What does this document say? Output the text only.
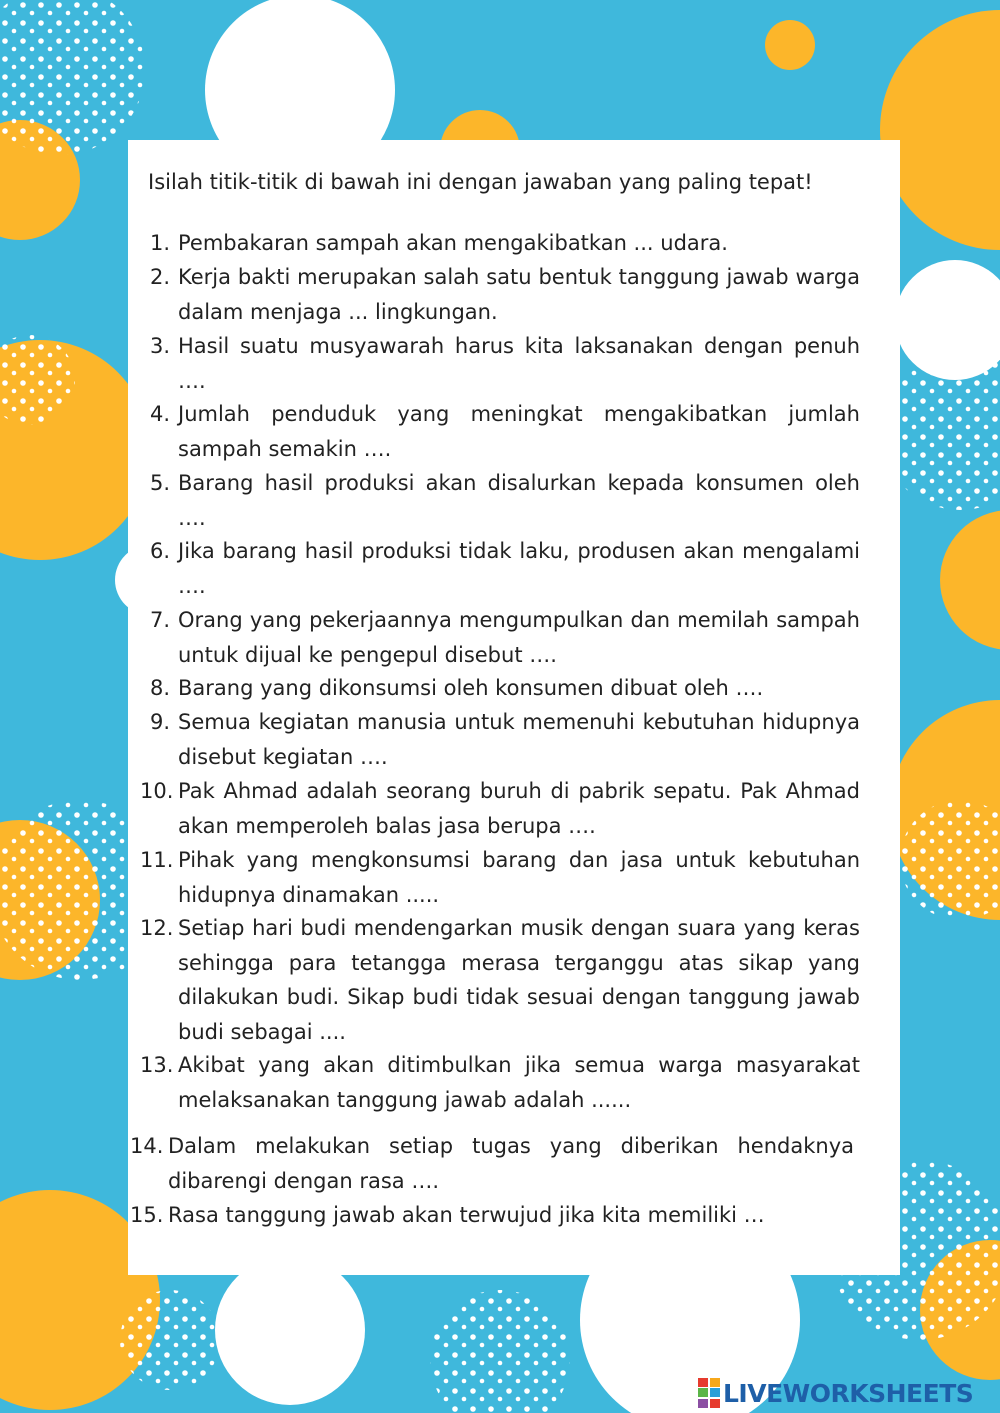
Isilah titik-titik di bawah ini dengan jawaban yang paling tepat!
1. Pembakaran sampah akan mengakibatkan ... udara.
2. Kerja bakti merupakan salah satu bentuk tanggung jawab warga dalam menjaga ... lingkungan.
3. Hasil suatu musyawarah harus kita laksanakan dengan penuh ….
4. Jumlah penduduk yang meningkat mengakibatkan jumlah sampah semakin ….
5. Barang hasil produksi akan disalurkan kepada konsumen oleh ….
6. Jika barang hasil produksi tidak laku, produsen akan mengalami ….
7. Orang yang pekerjaannya mengumpulkan dan memilah sampah untuk dijual ke pengepul disebut ….
8. Barang yang dikonsumsi oleh konsumen dibuat oleh ….
9. Semua kegiatan manusia untuk memenuhi kebutuhan hidupnya disebut kegiatan ….
10. Pak Ahmad adalah seorang buruh di pabrik sepatu. Pak Ahmad akan memperoleh balas jasa berupa ….
11. Pihak yang mengkonsumsi barang dan jasa untuk kebutuhan hidupnya dinamakan .....
12. Setiap hari budi mendengarkan musik dengan suara yang keras sehingga para tetangga merasa terganggu atas sikap yang dilakukan budi. Sikap budi tidak sesuai dengan tanggung jawab budi sebagai ....
13. Akibat yang akan ditimbulkan jika semua warga masyarakat melaksanakan tanggung jawab adalah ......
14. Dalam melakukan setiap tugas yang diberikan hendaknya dibarengi dengan rasa ….
15. Rasa tanggung jawab akan terwujud jika kita memiliki …
LIVEWORKSHEETS
